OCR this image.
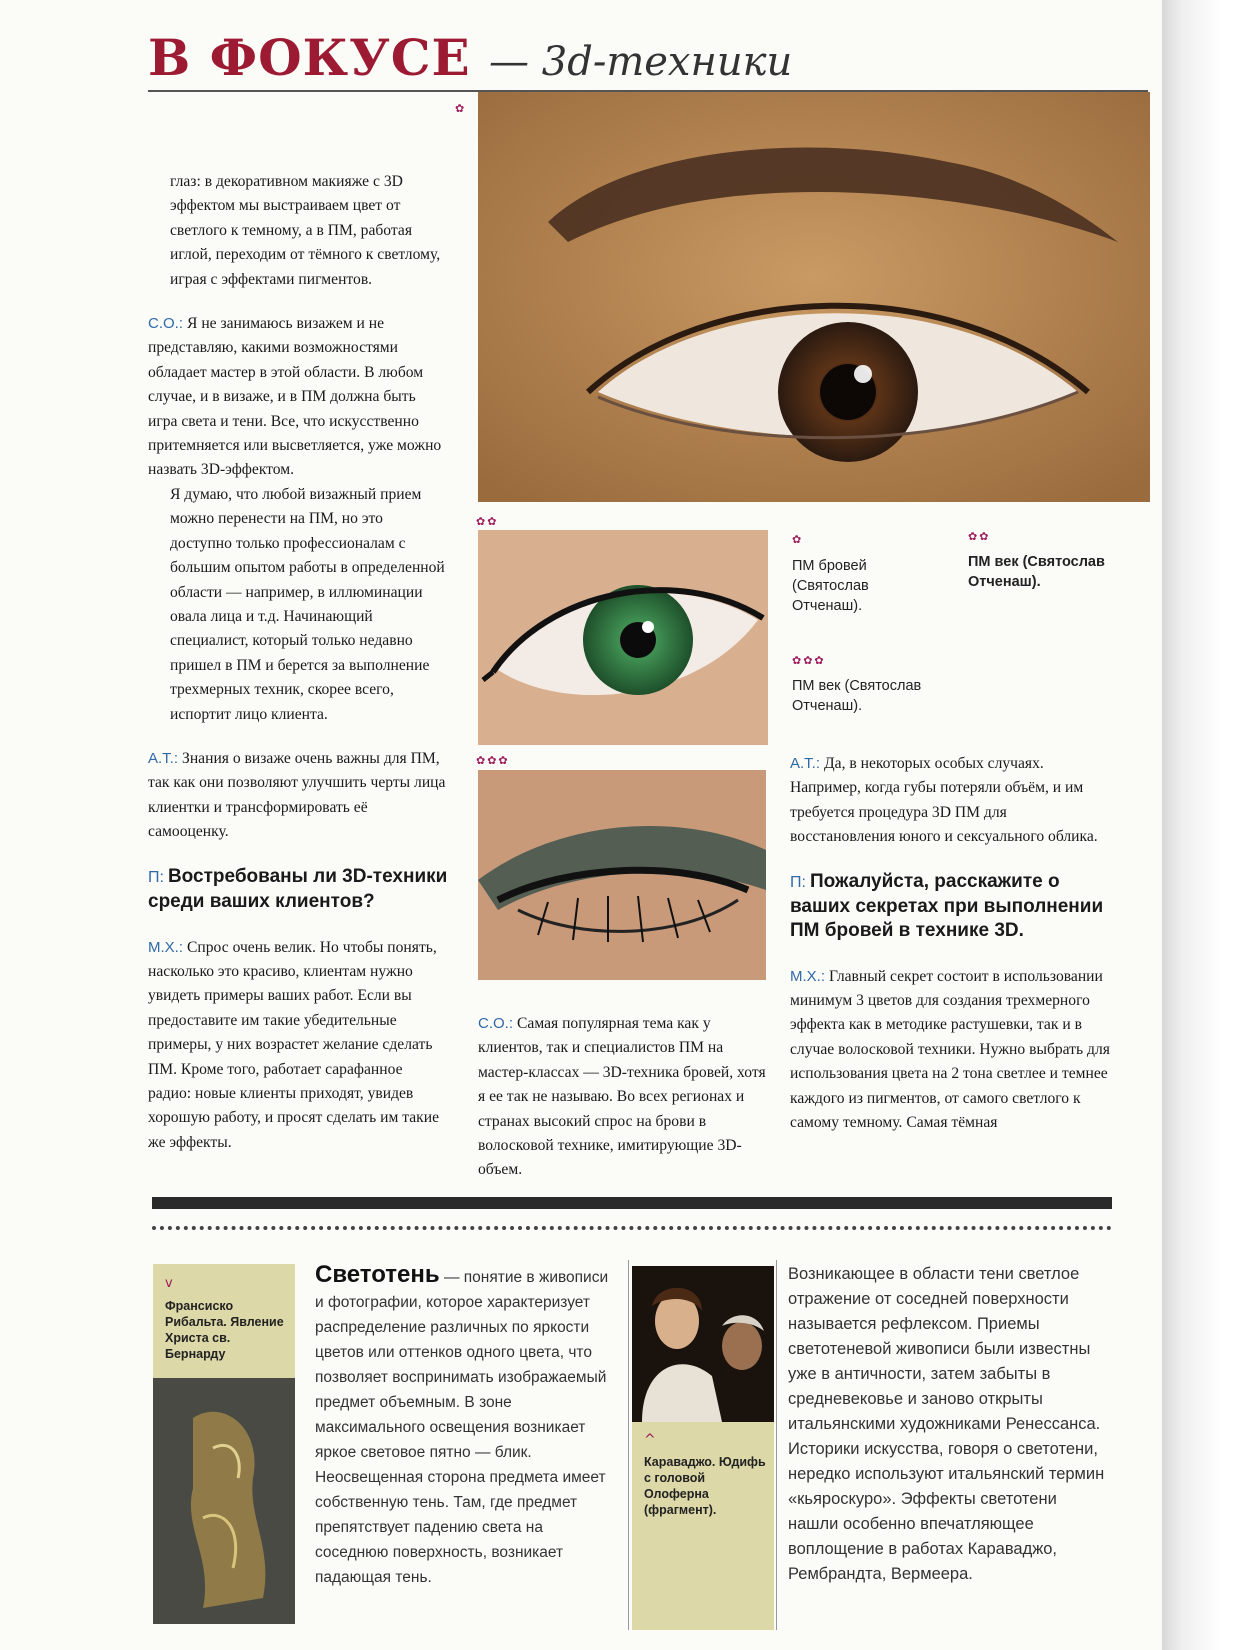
В ФОКУСЕ — 3d-техники

глаз: в декоративном макияже с 3D эффектом мы выстраиваем цвет от светлого к темному, а в ПМ, работая иглой, переходим от тёмного к светлому, играя с эффектами пигментов.

С.О.: Я не занимаюсь визажем и не представляю, какими возможностями обладает мастер в этой области. В любом случае, и в визаже, и в ПМ должна быть игра света и тени. Все, что искусственно притемняется или высветляется, уже можно назвать 3D-эффектом.

Я думаю, что любой визажный прием можно перенести на ПМ, но это доступно только профессионалам с большим опытом работы в определенной области — например, в иллюминации овала лица и т.д. Начинающий специалист, который только недавно пришел в ПМ и берется за выполнение трехмерных техник, скорее всего, испортит лицо клиента.

А.Т.: Знания о визаже очень важны для ПМ, так как они позволяют улучшить черты лица клиентки и трансформировать её самооценку.

П: Востребованы ли 3D-техники среди ваших клиентов?

М.Х.: Спрос очень велик. Но чтобы понять, насколько это красиво, клиентам нужно увидеть примеры ваших работ. Если вы предоставите им такие убедительные примеры, у них возрастет желание сделать ПМ. Кроме того, работает сарафанное радио: новые клиенты приходят, увидев хорошую работу, и просят сделать им такие же эффекты.

✿
✿✿
✿✿✿
✿
ПМ бровей (Святослав Отченаш).
✿✿
ПМ век (Святослав Отченаш).
✿✿✿
ПМ век (Святослав Отченаш).

С.О.: Самая популярная тема как у клиентов, так и специалистов ПМ на мастер-классах — 3D-техника бровей, хотя я ее так не называю. Во всех регионах и странах высокий спрос на брови в волосковой технике, имитирующие 3D-объем.

А.Т.: Да, в некоторых особых случаях. Например, когда губы потеряли объём, и им требуется процедура 3D ПМ для восстановления юного и сексуального облика.

П: Пожалуйста, расскажите о ваших секретах при выполнении ПМ бровей в технике 3D.

М.Х.: Главный секрет состоит в использовании минимум 3 цветов для создания трехмерного эффекта как в методике растушевки, так и в случае волосковой техники. Нужно выбрать для использования цвета на 2 тона светлее и темнее каждого из пигментов, от самого светлого к самому темному. Самая тёмная

v
Франсиско Рибальта. Явление Христа св. Бернарду
Светотень — понятие в живописи и фотографии, которое характеризует распределение различных по яркости цветов или оттенков одного цвета, что позволяет воспринимать изображаемый предмет объемным. В зоне максимального освещения возникает яркое световое пятно — блик. Неосвещенная сторона предмета имеет собственную тень. Там, где предмет препятствует падению света на соседнюю поверхность, возникает падающая тень.
^
Караваджо. Юдифь с головой Олоферна (фрагмент).
Возникающее в области тени светлое отражение от соседней поверхности называется рефлексом. Приемы светотеневой живописи были известны уже в античности, затем забыты в средневековье и заново открыты итальянскими художниками Ренессанса. Историки искусства, говоря о светотени, нередко используют итальянский термин «кьяроскуро». Эффекты светотени нашли особенно впечатляющее воплощение в работах Караваджо, Рембрандта, Вермеера.
